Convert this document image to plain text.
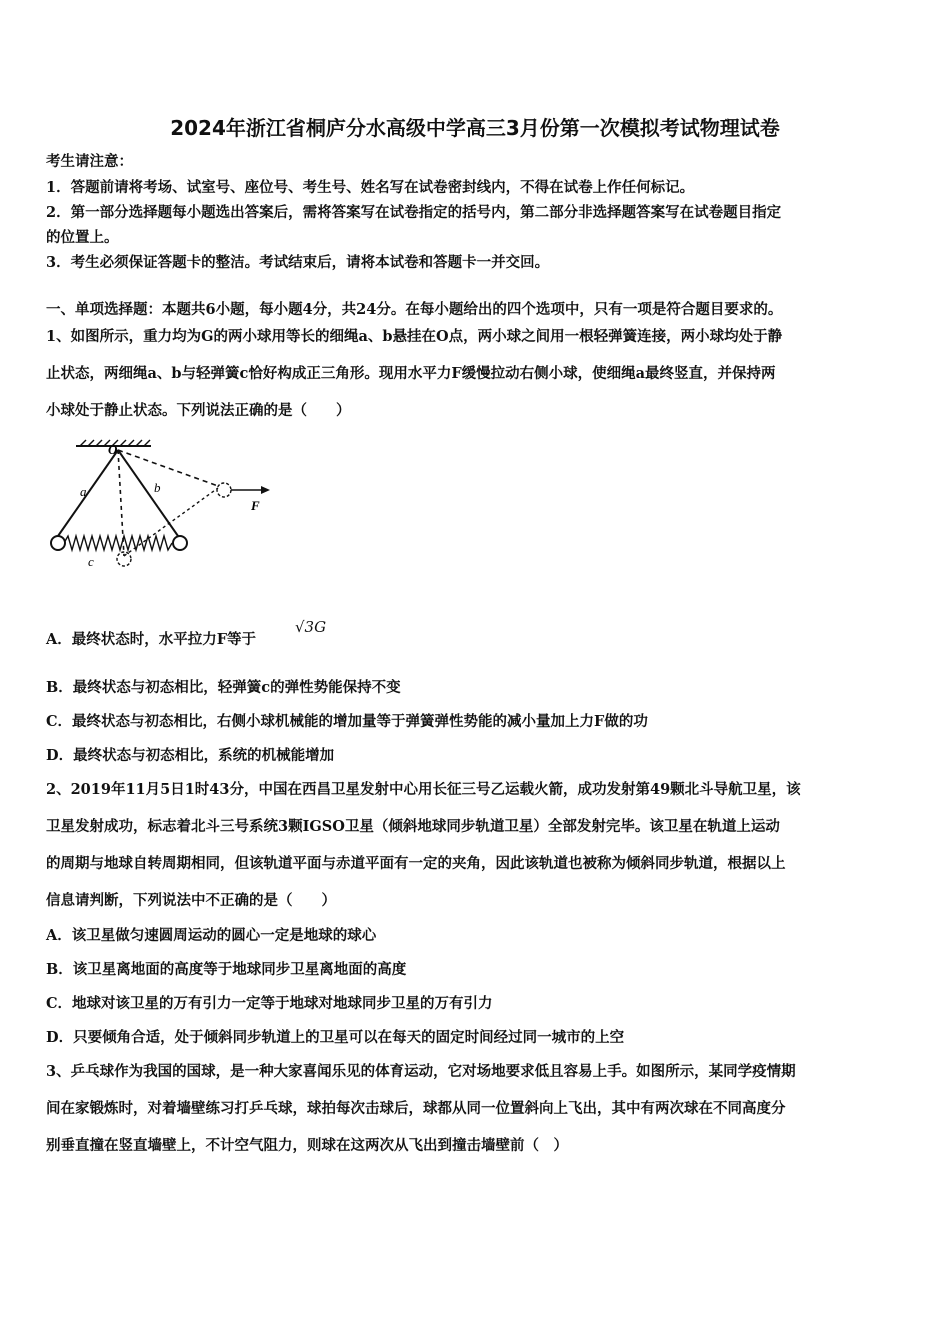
2024年浙江省桐庐分水高级中学高三3月份第一次模拟考试物理试卷
考生请注意：
1．答题前请将考场、试室号、座位号、考生号、姓名写在试卷密封线内，不得在试卷上作任何标记。
2．第一部分选择题每小题选出答案后，需将答案写在试卷指定的括号内，第二部分非选择题答案写在试卷题目指定
的位置上。
3．考生必须保证答题卡的整洁。考试结束后，请将本试卷和答题卡一并交回。
一、单项选择题：本题共6小题，每小题4分，共24分。在每小题给出的四个选项中，只有一项是符合题目要求的。
1、如图所示，重力均为G的两小球用等长的细绳a、b悬挂在O点，两小球之间用一根轻弹簧连接，两小球均处于静
止状态，两细绳a、b与轻弹簧c恰好构成正三角形。现用水平力F缓慢拉动右侧小球，使细绳a最终竖直，并保持两
小球处于静止状态。下列说法正确的是（　　）
O
a	b
c
F
A．最终状态时，水平拉力F等于
√3G
B．最终状态与初态相比，轻弹簧c的弹性势能保持不变
C．最终状态与初态相比，右侧小球机械能的增加量等于弹簧弹性势能的减小量加上力F做的功
D．最终状态与初态相比，系统的机械能增加
2、2019年11月5日1时43分，中国在西昌卫星发射中心用长征三号乙运载火箭，成功发射第49颗北斗导航卫星，该
卫星发射成功，标志着北斗三号系统3颗IGSO卫星（倾斜地球同步轨道卫星）全部发射完毕。该卫星在轨道上运动
的周期与地球自转周期相同，但该轨道平面与赤道平面有一定的夹角，因此该轨道也被称为倾斜同步轨道，根据以上
信息请判断，下列说法中不正确的是（　　）
A．该卫星做匀速圆周运动的圆心一定是地球的球心
B．该卫星离地面的高度等于地球同步卫星离地面的高度
C．地球对该卫星的万有引力一定等于地球对地球同步卫星的万有引力
D．只要倾角合适，处于倾斜同步轨道上的卫星可以在每天的固定时间经过同一城市的上空
3、乒乓球作为我国的国球，是一种大家喜闻乐见的体育运动，它对场地要求低且容易上手。如图所示，某同学疫情期
间在家锻炼时，对着墙壁练习打乒乓球，球拍每次击球后，球都从同一位置斜向上飞出，其中有两次球在不同高度分
别垂直撞在竖直墙壁上，不计空气阻力，则球在这两次从飞出到撞击墙壁前（　）
